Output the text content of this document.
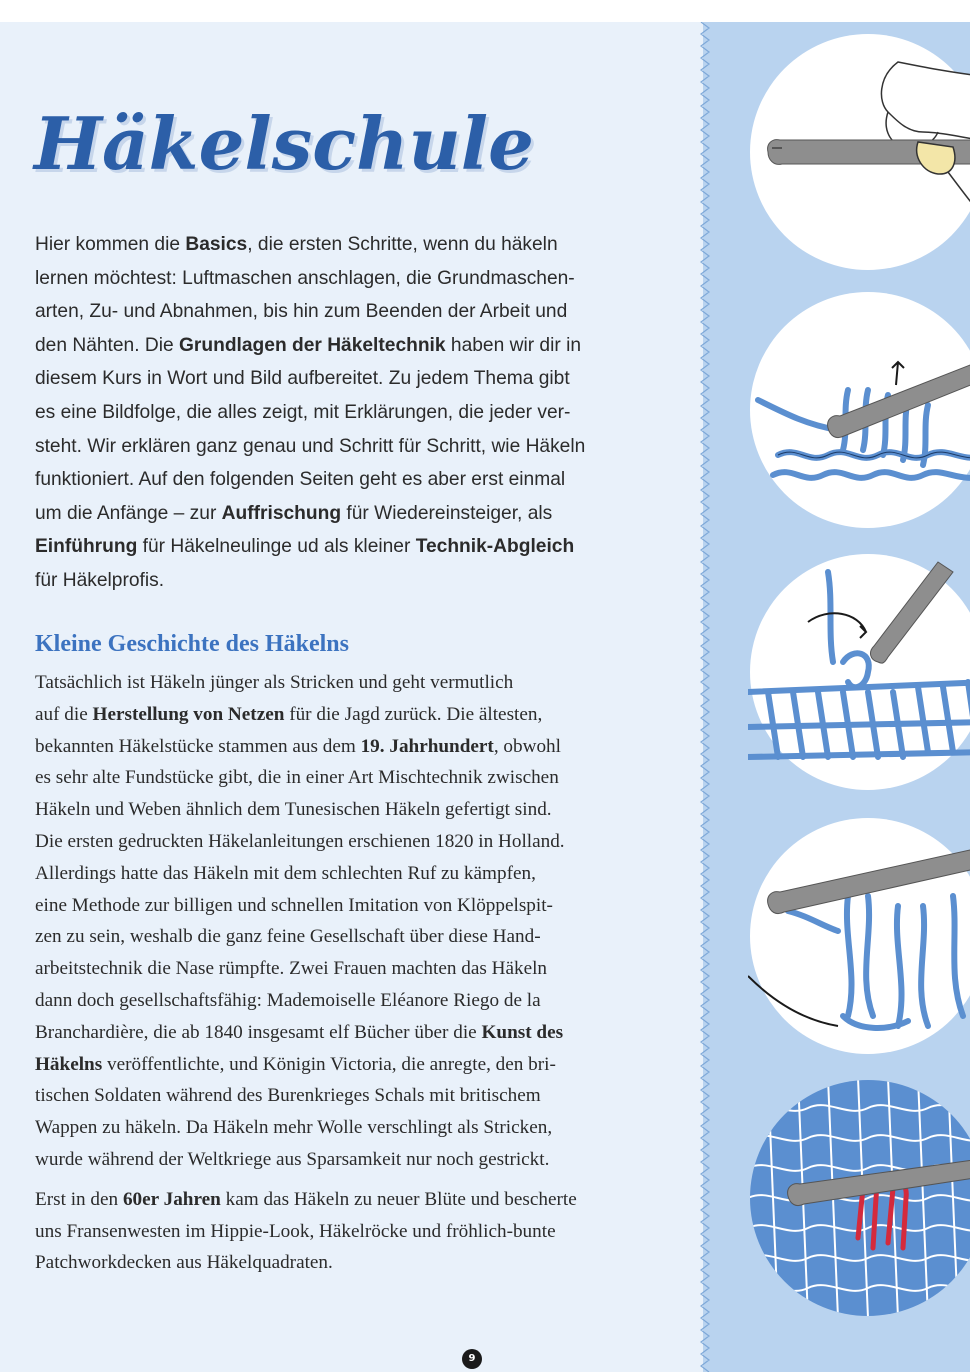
Häkelschule

Hier kommen die Basics, die ersten Schritte, wenn du häkeln
lernen möchtest: Luftmaschen anschlagen, die Grundmaschen-
arten, Zu- und Abnahmen, bis hin zum Beenden der Arbeit und
den Nähten. Die Grundlagen der Häkeltechnik haben wir dir in
diesem Kurs in Wort und Bild aufbereitet. Zu jedem Thema gibt
es eine Bildfolge, die alles zeigt, mit Erklärungen, die jeder ver-
steht. Wir erklären ganz genau und Schritt für Schritt, wie Häkeln
funktioniert. Auf den folgenden Seiten geht es aber erst einmal
um die Anfänge – zur Auffrischung für Wiedereinsteiger, als
Einführung für Häkelneulinge ud als kleiner Technik-Abgleich
für Häkelprofis.

Kleine Geschichte des Häkelns

Tatsächlich ist Häkeln jünger als Stricken und geht vermutlich
auf die Herstellung von Netzen für die Jagd zurück. Die ältesten,
bekannten Häkelstücke stammen aus dem 19. Jahrhundert, obwohl
es sehr alte Fundstücke gibt, die in einer Art Mischtechnik zwischen
Häkeln und Weben ähnlich dem Tunesischen Häkeln gefertigt sind.
Die ersten gedruckten Häkelanleitungen erschienen 1820 in Holland.
Allerdings hatte das Häkeln mit dem schlechten Ruf zu kämpfen,
eine Methode zur billigen und schnellen Imitation von Klöppelspit-
zen zu sein, weshalb die ganz feine Gesellschaft über diese Hand-
arbeitstechnik die Nase rümpfte. Zwei Frauen machten das Häkeln
dann doch gesellschaftsfähig: Mademoiselle Eléanore Riego de la
Branchardière, die ab 1840 insgesamt elf Bücher über die Kunst des
Häkelns veröffentlichte, und Königin Victoria, die anregte, den bri-
tischen Soldaten während des Burenkrieges Schals mit britischem
Wappen zu häkeln. Da Häkeln mehr Wolle verschlingt als Stricken,
wurde während der Weltkriege aus Sparsamkeit nur noch gestrickt.
Erst in den 60er Jahren kam das Häkeln zu neuer Blüte und bescherte
uns Fransenwesten im Hippie-Look, Häkelröcke und fröhlich-bunte
Patchworkdecken aus Häkelquadraten.

9
